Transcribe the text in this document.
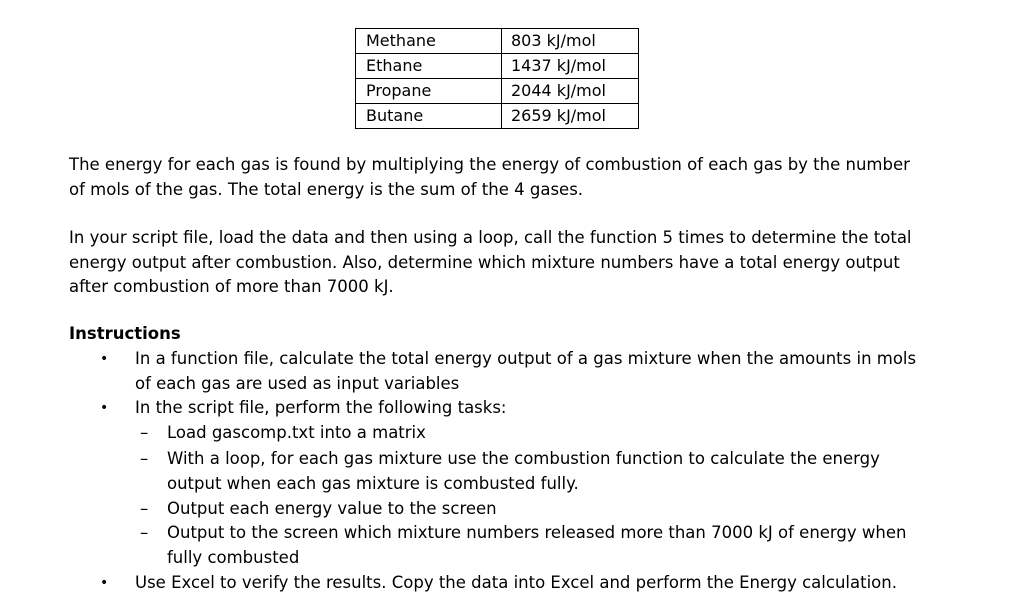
Methane	803 kJ/mol
Ethane	1437 kJ/mol
Propane	2044 kJ/mol
Butane	2659 kJ/mol

The energy for each gas is found by multiplying the energy of combustion of each gas by the number of mols of the gas. The total energy is the sum of the 4 gases.

In your script file, load the data and then using a loop, call the function 5 times to determine the total energy output after combustion. Also, determine which mixture numbers have a total energy output after combustion of more than 7000 kJ.

Instructions

• In a function file, calculate the total energy output of a gas mixture when the amounts in mols of each gas are used as input variables
• In the script file, perform the following tasks:
– Load gascomp.txt into a matrix
– With a loop, for each gas mixture use the combustion function to calculate the energy output when each gas mixture is combusted fully.
– Output each energy value to the screen
– Output to the screen which mixture numbers released more than 7000 kJ of energy when fully combusted
• Use Excel to verify the results. Copy the data into Excel and perform the Energy calculation.
